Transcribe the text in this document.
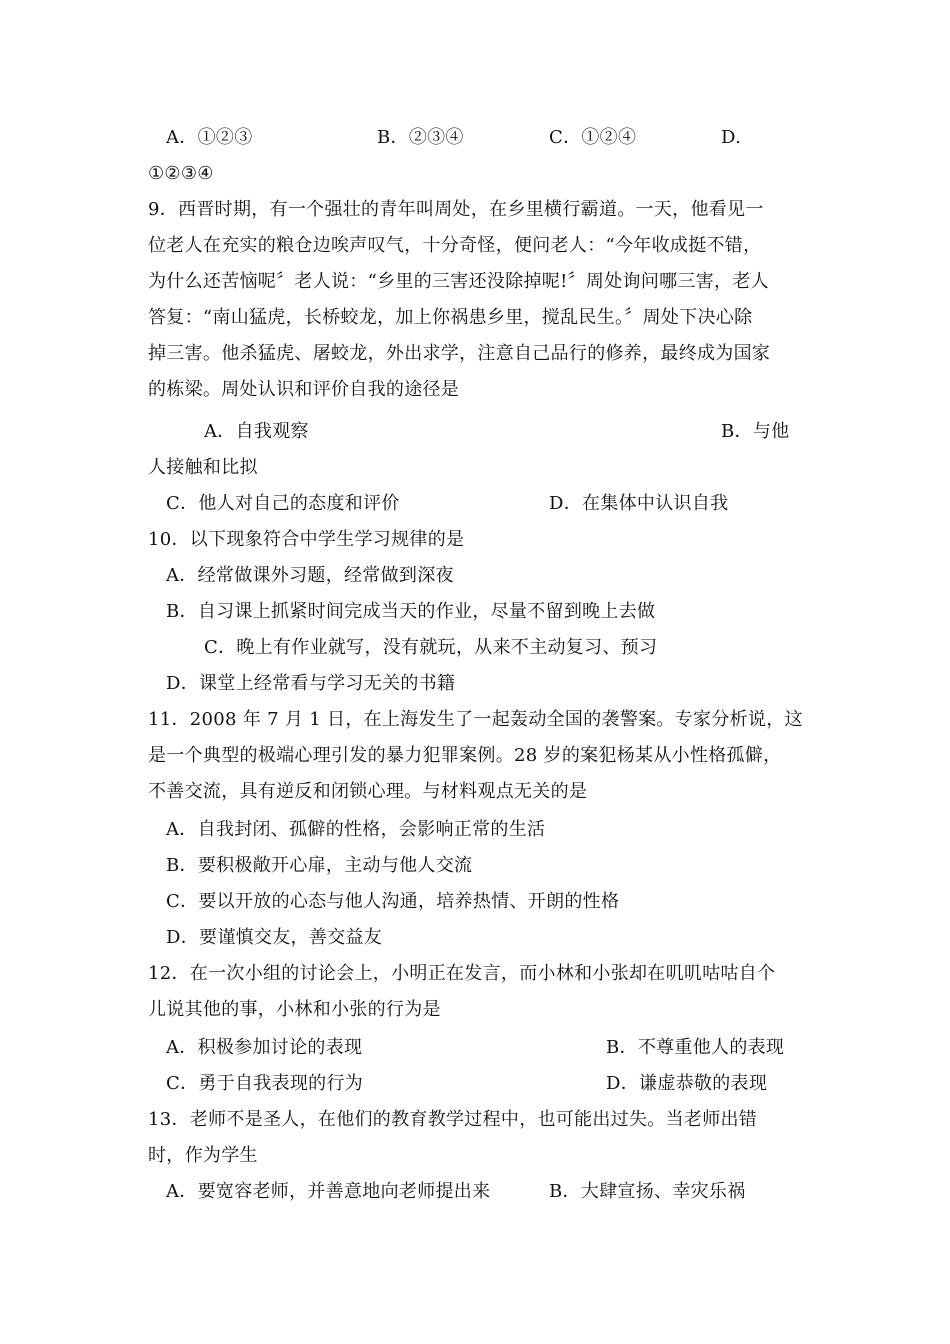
A．①②③	B．②③④	C．①②④	D.
①②③④
9．西晋时期，有一个强壮的青年叫周处，在乡里横行霸道。一天，他看见一
位老人在充实的粮仓边唉声叹气，十分奇怪，便问老人：“今年收成挺不错，
为什么还苦恼呢〞老人说：“乡里的三害还没除掉呢!〞周处询问哪三害，老人
答复：“南山猛虎，长桥蛟龙，加上你祸患乡里，搅乱民生。〞周处下决心除
掉三害。他杀猛虎、屠蛟龙，外出求学，注意自己品行的修养，最终成为国家
的栋梁。周处认识和评价自我的途径是
A．自我观察	B．与他
人接触和比拟
C．他人对自己的态度和评价	D．在集体中认识自我
10．以下现象符合中学生学习规律的是
A．经常做课外习题，经常做到深夜
B．自习课上抓紧时间完成当天的作业，尽量不留到晚上去做
C．晚上有作业就写，没有就玩，从来不主动复习、预习
D．课堂上经常看与学习无关的书籍
11．2008 年 7 月 1 日，在上海发生了一起轰动全国的袭警案。专家分析说，这
是一个典型的极端心理引发的暴力犯罪案例。28 岁的案犯杨某从小性格孤僻，
不善交流，具有逆反和闭锁心理。与材料观点无关的是
A．自我封闭、孤僻的性格，会影响正常的生活
B．要积极敞开心扉，主动与他人交流
C．要以开放的心态与他人沟通，培养热情、开朗的性格
D．要谨慎交友，善交益友
12．在一次小组的讨论会上，小明正在发言，而小林和小张却在叽叽咕咕自个
儿说其他的事，小林和小张的行为是
A．积极参加讨论的表现	B．不尊重他人的表现
C．勇于自我表现的行为	D．谦虚恭敬的表现
13．老师不是圣人，在他们的教育教学过程中，也可能出过失。当老师出错
时，作为学生
A．要宽容老师，并善意地向老师提出来	B．大肆宣扬、幸灾乐祸
